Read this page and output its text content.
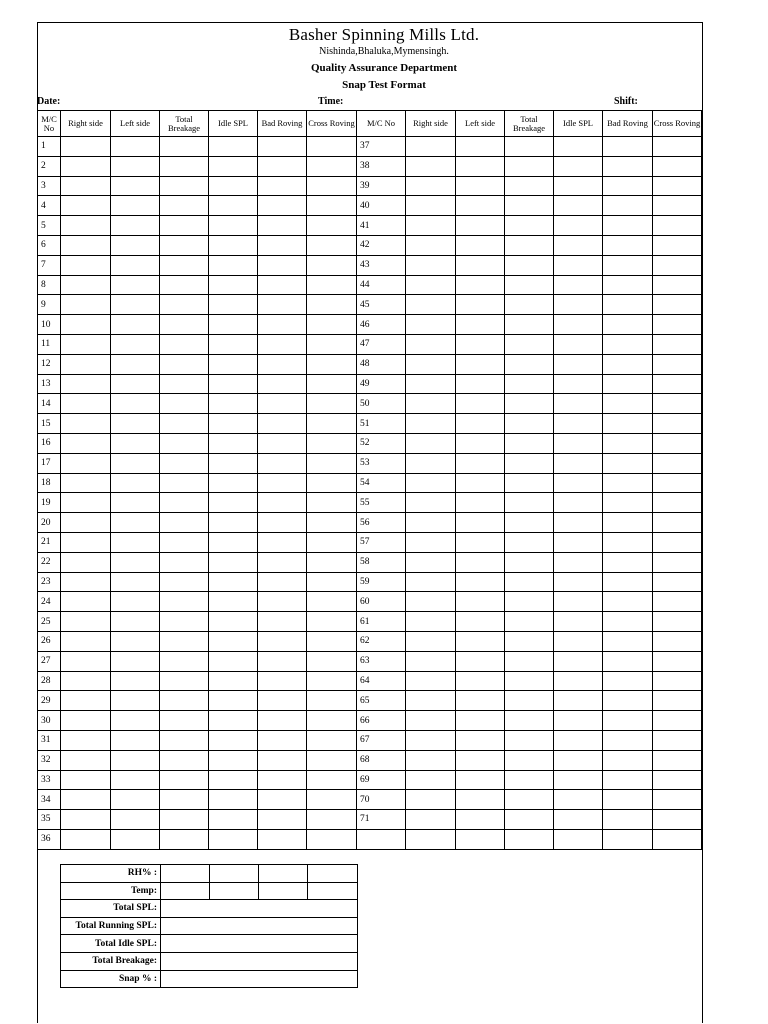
Basher Spinning Mills Ltd.
Nishinda,Bhaluka,Mymensingh.
Quality Assurance Department
Snap Test Format
Date:	Time:	Shift:
M/C No	Right side	Left side	Total Breakage	Idle SPL	Bad Roving	Cross Roving	M/C No	Right side	Left side	Total Breakage	Idle SPL	Bad Roving	Cross Roving
1							37						
2							38						
3							39						
4							40						
5							41						
6							42						
7							43						
8							44						
9							45						
10							46						
11							47						
12							48						
13							49						
14							50						
15							51						
16							52						
17							53						
18							54						
19							55						
20							56						
21							57						
22							58						
23							59						
24							60						
25							61						
26							62						
27							63						
28							64						
29							65						
30							66						
31							67						
32							68						
33							69						
34							70						
35							71						
36													
RH% :				
Temp:				
Total SPL:				
Total Running SPL:				
Total Idle SPL:				
Total Breakage:				
Snap % :				
